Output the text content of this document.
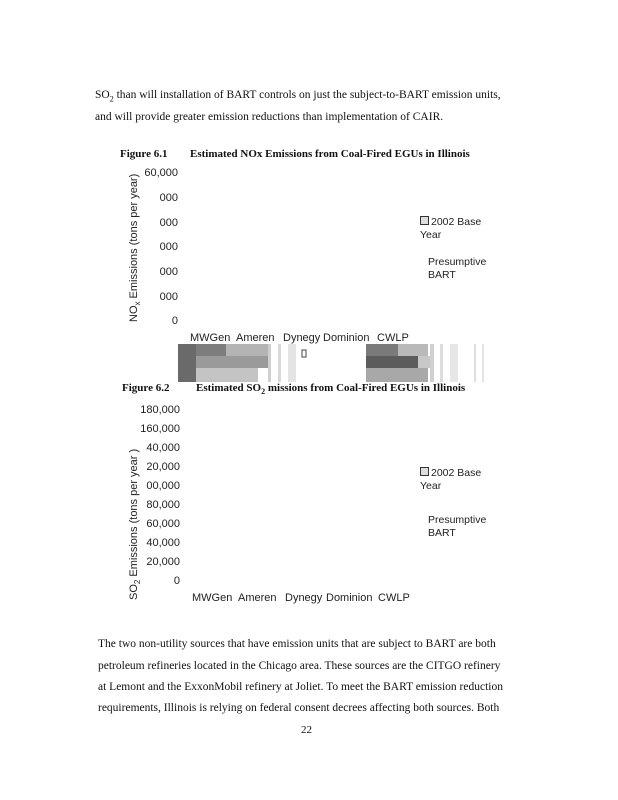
$SO_2$ than will installation of BART controls on just the subject-to-BART emission units,
and will provide greater emission reductions than implementation of CAIR.
Figure 6.1 Estimated NOx Emissions from Coal-Fired EGUs in Illinois
$NO_x$ Emissions (tons per year)
60,000
000
000
000
000
000
0
MWGen Ameren Dynegy Dominion CWLP
2002 Base Year
Presumptive BART
Figure 6.2 Estimated $SO_2$ missions from Coal-Fired EGUs in Illinois
$SO_2$ Emissions (tons per year )
180,000
160,000
40,000
20,000
00,000
80,000
60,000
40,000
20,000
0
MWGen Ameren Dynegy Dominion CWLP
2002 Base Year
Presumptive BART
The two non-utility sources that have emission units that are subject to BART are both
petroleum refineries located in the Chicago area. These sources are the CITGO refinery
at Lemont and the ExxonMobil refinery at Joliet. To meet the BART emission reduction
requirements, Illinois is relying on federal consent decrees affecting both sources. Both
22
